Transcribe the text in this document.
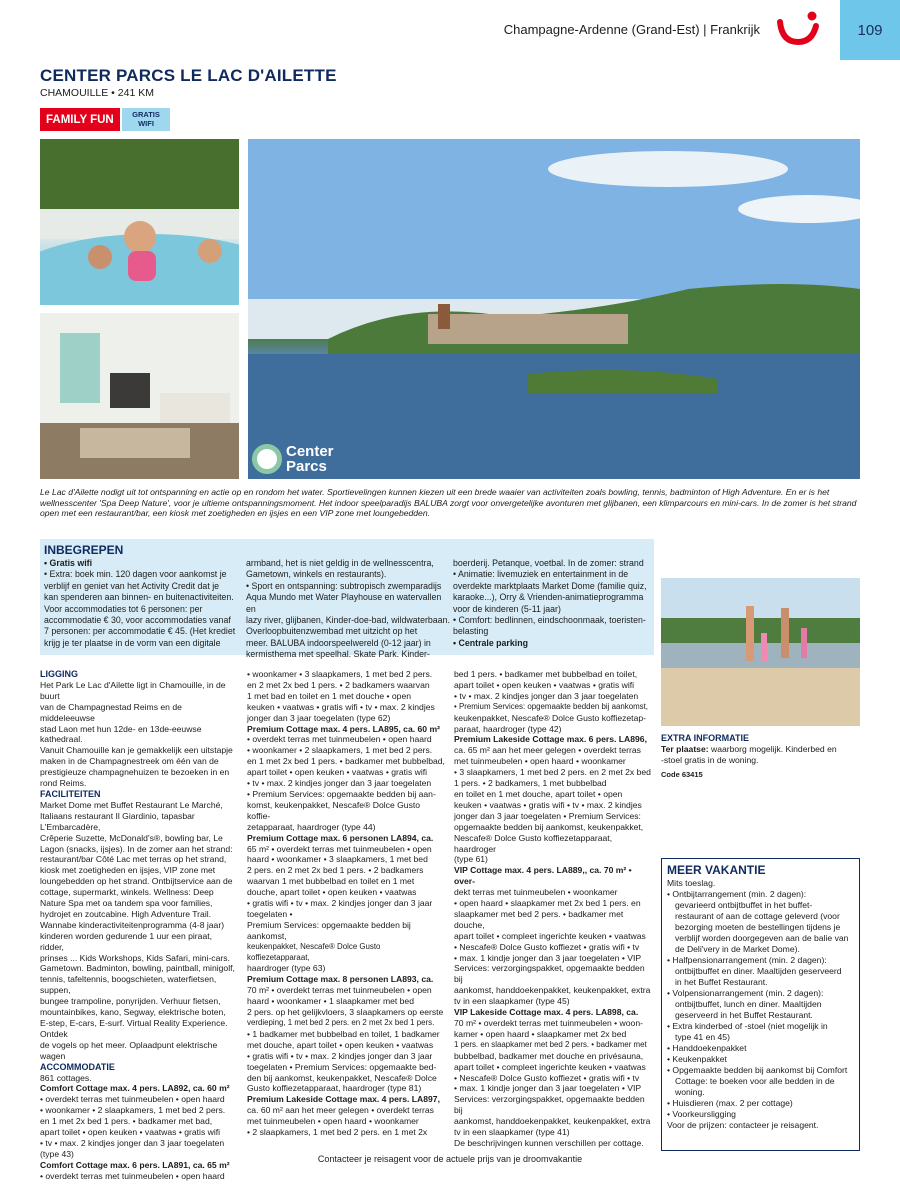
Champagne-Ardenne (Grand-Est) | Frankrijk	109
CENTER PARCS LE LAC D'AILETTE
CHAMOUILLE • 241 KM
FAMILY FUN	GRATIS
WIFI
Center
Parcs
Le Lac d'Ailette nodigt uit tot ontspanning en actie op en rondom het water. Sportievelingen kunnen kiezen uit een brede waaier van activiteiten zoals bowling, tennis, badminton of High Adventure. En er is het wellnesscenter 'Spa Deep Nature', voor je ultieme ontspanningsmoment. Het indoor speelparadijs BALUBA zorgt voor onvergetelijke avonturen met glijbanen, een klimparcours en mini-cars. In de zomer is het strand open met een restaurant/bar, een kiosk met zoetigheden en ijsjes en een VIP zone met loungebedden.
INBEGREPEN

• Gratis wifi

• Extra: boek min. 120 dagen voor aankomst je

verblijf en geniet van het Activity Credit dat je

kan spenderen aan binnen- en buitenactiviteiten.

Voor accommodaties tot 6 personen: per

accommodatie € 30, voor accommodaties vanaf

7 personen: per accommodatie € 45. (Het krediet

krijg je ter plaatse in de vorm van een digitale

armband, het is niet geldig in de wellnesscentra,

Gametown, winkels en restaurants).

• Sport en ontspanning: subtropisch zwemparadijs

Aqua Mundo met Water Playhouse en watervallen en

lazy river, glijbanen, Kinder-doe-bad, wildwaterbaan.

Overloopbuitenzwembad met uitzicht op het

meer. BALUBA indoorspeelwereld (0-12 jaar) in

kermisthema met speelhal. Skate Park. Kinder-

boerderij. Petanque, voetbal. In de zomer: strand

• Animatie: livemuziek en entertainment in de

overdekte marktplaats Market Dome (familie quiz,

karaoke...), Orry & Vrienden-animatieprogramma

voor de kinderen (5-11 jaar)

• Comfort: bedlinnen, eindschoonmaak, toeristen-

belasting

• Centrale parking

LIGGING

Het Park Le Lac d'Ailette ligt in Chamouille, in de buurt

van de Champagnestad Reims en de middeleeuwse

stad Laon met hun 12de- en 13de-eeuwse kathedraal.

Vanuit Chamouille kan je gemakkelijk een uitstapje

maken in de Champagnestreek om één van de

prestigieuze champagnehuizen te bezoeken in en

rond Reims.

FACILITEITEN

Market Dome met Buffet Restaurant Le Marché,

Italiaans restaurant Il Giardinio, tapasbar L'Embarcadère,

Crêperie Suzette, McDonald's®, bowling bar, Le

Lagon (snacks, ijsjes). In de zomer aan het strand:

restaurant/bar Côté Lac met terras op het strand,

kiosk met zoetigheden en ijsjes, VIP zone met

loungebedden op het strand. Ontbijtservice aan de

cottage, supermarkt, winkels. Wellness: Deep

Nature Spa met oa tandem spa voor families,

hydrojet en zoutcabine. High Adventure Trail.

Wannabe kinderactiviteitenprogramma (4-8 jaar)

kinderen worden gedurende 1 uur een piraat, ridder,

prinses ... Kids Workshops, Kids Safari, mini-cars.

Gametown. Badminton, bowling, paintball, minigolf,

tennis, tafeltennis, boogschieten, waterfietsen, suppen,

bungee trampoline, ponyrijden. Verhuur fietsen,

mountainbikes, kano, Segway, elektrische boten,

E-step, E-cars, E-surf. Virtual Reality Experience. Ontdek

de vogels op het meer. Oplaadpunt elektrische wagen

ACCOMMODATIE

861 cottages.

Comfort Cottage max. 4 pers. LA892, ca. 60 m²

• overdekt terras met tuinmeubelen • open haard

• woonkamer • 2 slaapkamers, 1 met bed 2 pers.

en 1 met 2x bed 1 pers. • badkamer met bad,

apart toilet • open keuken • vaatwas • gratis wifi

• tv • max. 2 kindjes jonger dan 3 jaar toegelaten

(type 43)

Comfort Cottage max. 6 pers. LA891, ca. 65 m²

• overdekt terras met tuinmeubelen • open haard

• woonkamer • 3 slaapkamers, 1 met bed 2 pers.

en 2 met 2x bed 1 pers. • 2 badkamers waarvan

1 met bad en toilet en 1 met douche • open

keuken • vaatwas • gratis wifi • tv • max. 2 kindjes

jonger dan 3 jaar toegelaten (type 62)

Premium Cottage max. 4 pers. LA895, ca. 60 m²

• overdekt terras met tuinmeubelen • open haard

• woonkamer • 2 slaapkamers, 1 met bed 2 pers.

en 1 met 2x bed 1 pers. • badkamer met bubbelbad,

apart toilet • open keuken • vaatwas • gratis wifi

• tv • max. 2 kindjes jonger dan 3 jaar toegelaten

• Premium Services: opgemaakte bedden bij aan-

komst, keukenpakket, Nescafe® Dolce Gusto koffie-

zetapparaat, haardroger (type 44)

Premium Cottage max. 6 personen LA894, ca.

65 m² • overdekt terras met tuinmeubelen • open

haard • woonkamer • 3 slaapkamers, 1 met bed

2 pers. en 2 met 2x bed 1 pers. • 2 badkamers

waarvan 1 met bubbelbad en toilet en 1 met

douche, apart toilet • open keuken • vaatwas

• gratis wifi • tv • max. 2 kindjes jonger dan 3 jaar

toegelaten •

Premium Services: opgemaakte bedden bij aankomst,

keukenpakket, Nescafe® Dolce Gusto koffiezetapparaat,

haardroger (type 63)

Premium Cottage max. 8 personen LA893, ca.

70 m² • overdekt terras met tuinmeubelen • open

haard • woonkamer • 1 slaapkamer met bed

2 pers. op het gelijkvloers, 3 slaapkamers op eerste

verdieping, 1 met bed 2 pers. en 2 met 2x bed 1 pers.

• 1 badkamer met bubbelbad en toilet, 1 badkamer

met douche, apart toilet • open keuken • vaatwas

• gratis wifi • tv • max. 2 kindjes jonger dan 3 jaar

toegelaten • Premium Services: opgemaakte bed-

den bij aankomst, keukenpakket, Nescafe® Dolce

Gusto koffiezetapparaat, haardroger (type 81)

Premium Lakeside Cottage max. 4 pers. LA897,

ca. 60 m² aan het meer gelegen • overdekt terras

met tuinmeubelen • open haard • woonkamer

• 2 slaapkamers, 1 met bed 2 pers. en 1 met 2x

bed 1 pers. • badkamer met bubbelbad en toilet,

apart toilet • open keuken • vaatwas • gratis wifi

• tv • max. 2 kindjes jonger dan 3 jaar toegelaten

• Premium Services: opgemaakte bedden bij aankomst,

keukenpakket, Nescafe® Dolce Gusto koffiezetap-

paraat, haardroger (type 42)

Premium Lakeside Cottage max. 6 pers. LA896,

ca. 65 m² aan het meer gelegen • overdekt terras

met tuinmeubelen • open haard • woonkamer

• 3 slaapkamers, 1 met bed 2 pers. en 2 met 2x bed

1 pers. • 2 badkamers, 1 met bubbelbad

en toilet en 1 met douche, apart toilet • open

keuken • vaatwas • gratis wifi • tv • max. 2 kindjes

jonger dan 3 jaar toegelaten • Premium Services:

opgemaakte bedden bij aankomst, keukenpakket,

Nescafe® Dolce Gusto koffiezetapparaat, haardroger

(type 61)

VIP Cottage max. 4 pers. LA889,, ca. 70 m² • over-

dekt terras met tuinmeubelen • woonkamer

• open haard • slaapkamer met 2x bed 1 pers. en

slaapkamer met bed 2 pers. • badkamer met douche,

apart toilet • compleet ingerichte keuken • vaatwas

• Nescafe® Dolce Gusto koffiezet • gratis wifi • tv

• max. 1 kindje jonger dan 3 jaar toegelaten • VIP

Services: verzorgingspakket, opgemaakte bedden bij

aankomst, handdoekenpakket, keukenpakket, extra

tv in een slaapkamer (type 45)

VIP Lakeside Cottage max. 4 pers. LA898, ca.

70 m² • overdekt terras met tuinmeubelen • woon-

kamer • open haard • slaapkamer met 2x bed

1 pers. en slaapkamer met bed 2 pers. • badkamer met

bubbelbad, badkamer met douche en privésauna,

apart toilet • compleet ingerichte keuken • vaatwas

• Nescafe® Dolce Gusto koffiezet • gratis wifi • tv

• max. 1 kindje jonger dan 3 jaar toegelaten • VIP

Services: verzorgingspakket, opgemaakte bedden bij

aankomst, handdoekenpakket, keukenpakket, extra

tv in een slaapkamer (type 41)

De beschrijvingen kunnen verschillen per cottage.

EXTRA INFORMATIE

Ter plaatse: waarborg mogelijk. Kinderbed en

-stoel gratis in de woning.

Code 63415
MEER VAKANTIE

Mits toeslag.

• Ontbijtarrangement (min. 2 dagen):

gevarieerd ontbijtbuffet in het buffet-

restaurant of aan de cottage geleverd (voor

bezorging moeten de bestellingen tijdens je

verblijf worden doorgegeven aan de balie van

de Deli'very in de Market Dome).

• Halfpensionarrangement (min. 2 dagen):

ontbijtbuffet en diner. Maaltijden geserveerd

in het Buffet Restaurant.

• Volpensionarrangement (min. 2 dagen):

ontbijtbuffet, lunch en diner. Maaltijden

geserveerd in het Buffet Restaurant.

• Extra kinderbed of -stoel (niet mogelijk in

type 41 en 45)

• Handdoekenpakket

• Keukenpakket

• Opgemaakte bedden bij aankomst bij Comfort

Cottage: te boeken voor alle bedden in de woning.

• Huisdieren (max. 2 per cottage)

• Voorkeursligging

Voor de prijzen: contacteer je reisagent.

Contacteer je reisagent voor de actuele prijs van je droomvakantie
